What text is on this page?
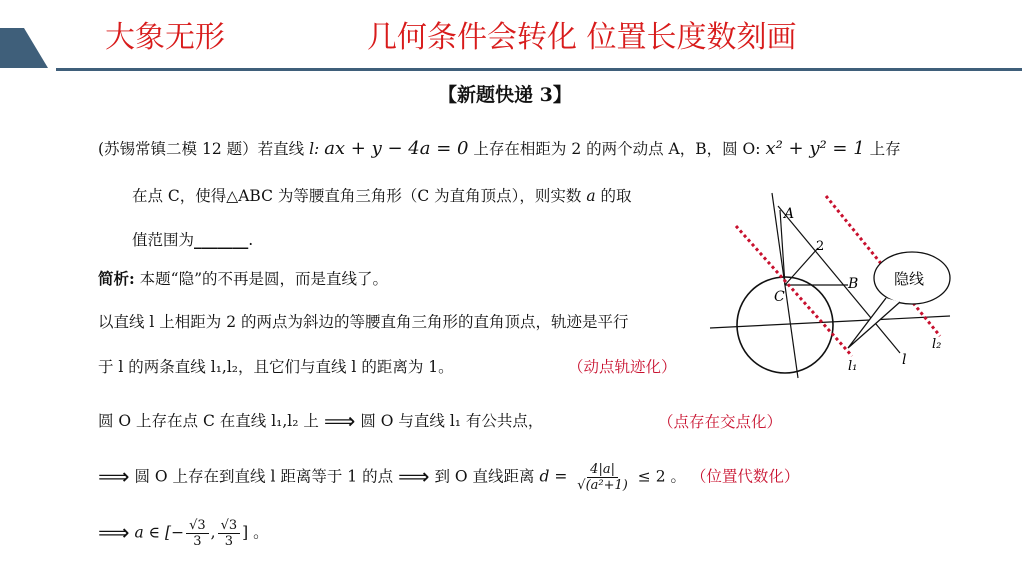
大象无形	几何条件会转化 位置长度数刻画
【新题快递 3】
(苏锡常镇二模 12 题）若直线 l: ax + y − 4a = 0 上存在相距为 2 的两个动点 A，B，圆 O: x² + y² = 1 上存
在点 C，使得△ABC 为等腰直角三角形（C 为直角顶点），则实数 a 的取
值范围为_______.
简析: 本题“隐”的不再是圆，而是直线了。
以直线 l 上相距为 2 的两点为斜边的等腰直角三角形的直角顶点，轨迹是平行
于 l 的两条直线 l₁,l₂，且它们与直线 l 的距离为 1。	（动点轨迹化）
圆 O 上存在点 C 在直线 l₁,l₂ 上 ⟹ 圆 O 与直线 l₁ 有公共点，	（点存在交点化）
⟹ 圆 O 上存在到直线 l 距离等于 1 的点 ⟹ 到 O 直线距离 $d = \frac{4|a|}{\text{√(a²+1)}} \le 2$ 。 （位置代数化）
⟹ a ∈ [− $\frac{√3}{3}$ , $\frac{√3}{3}$ ] 。
A
2
B
C
隐线
l
l₁
l₂
